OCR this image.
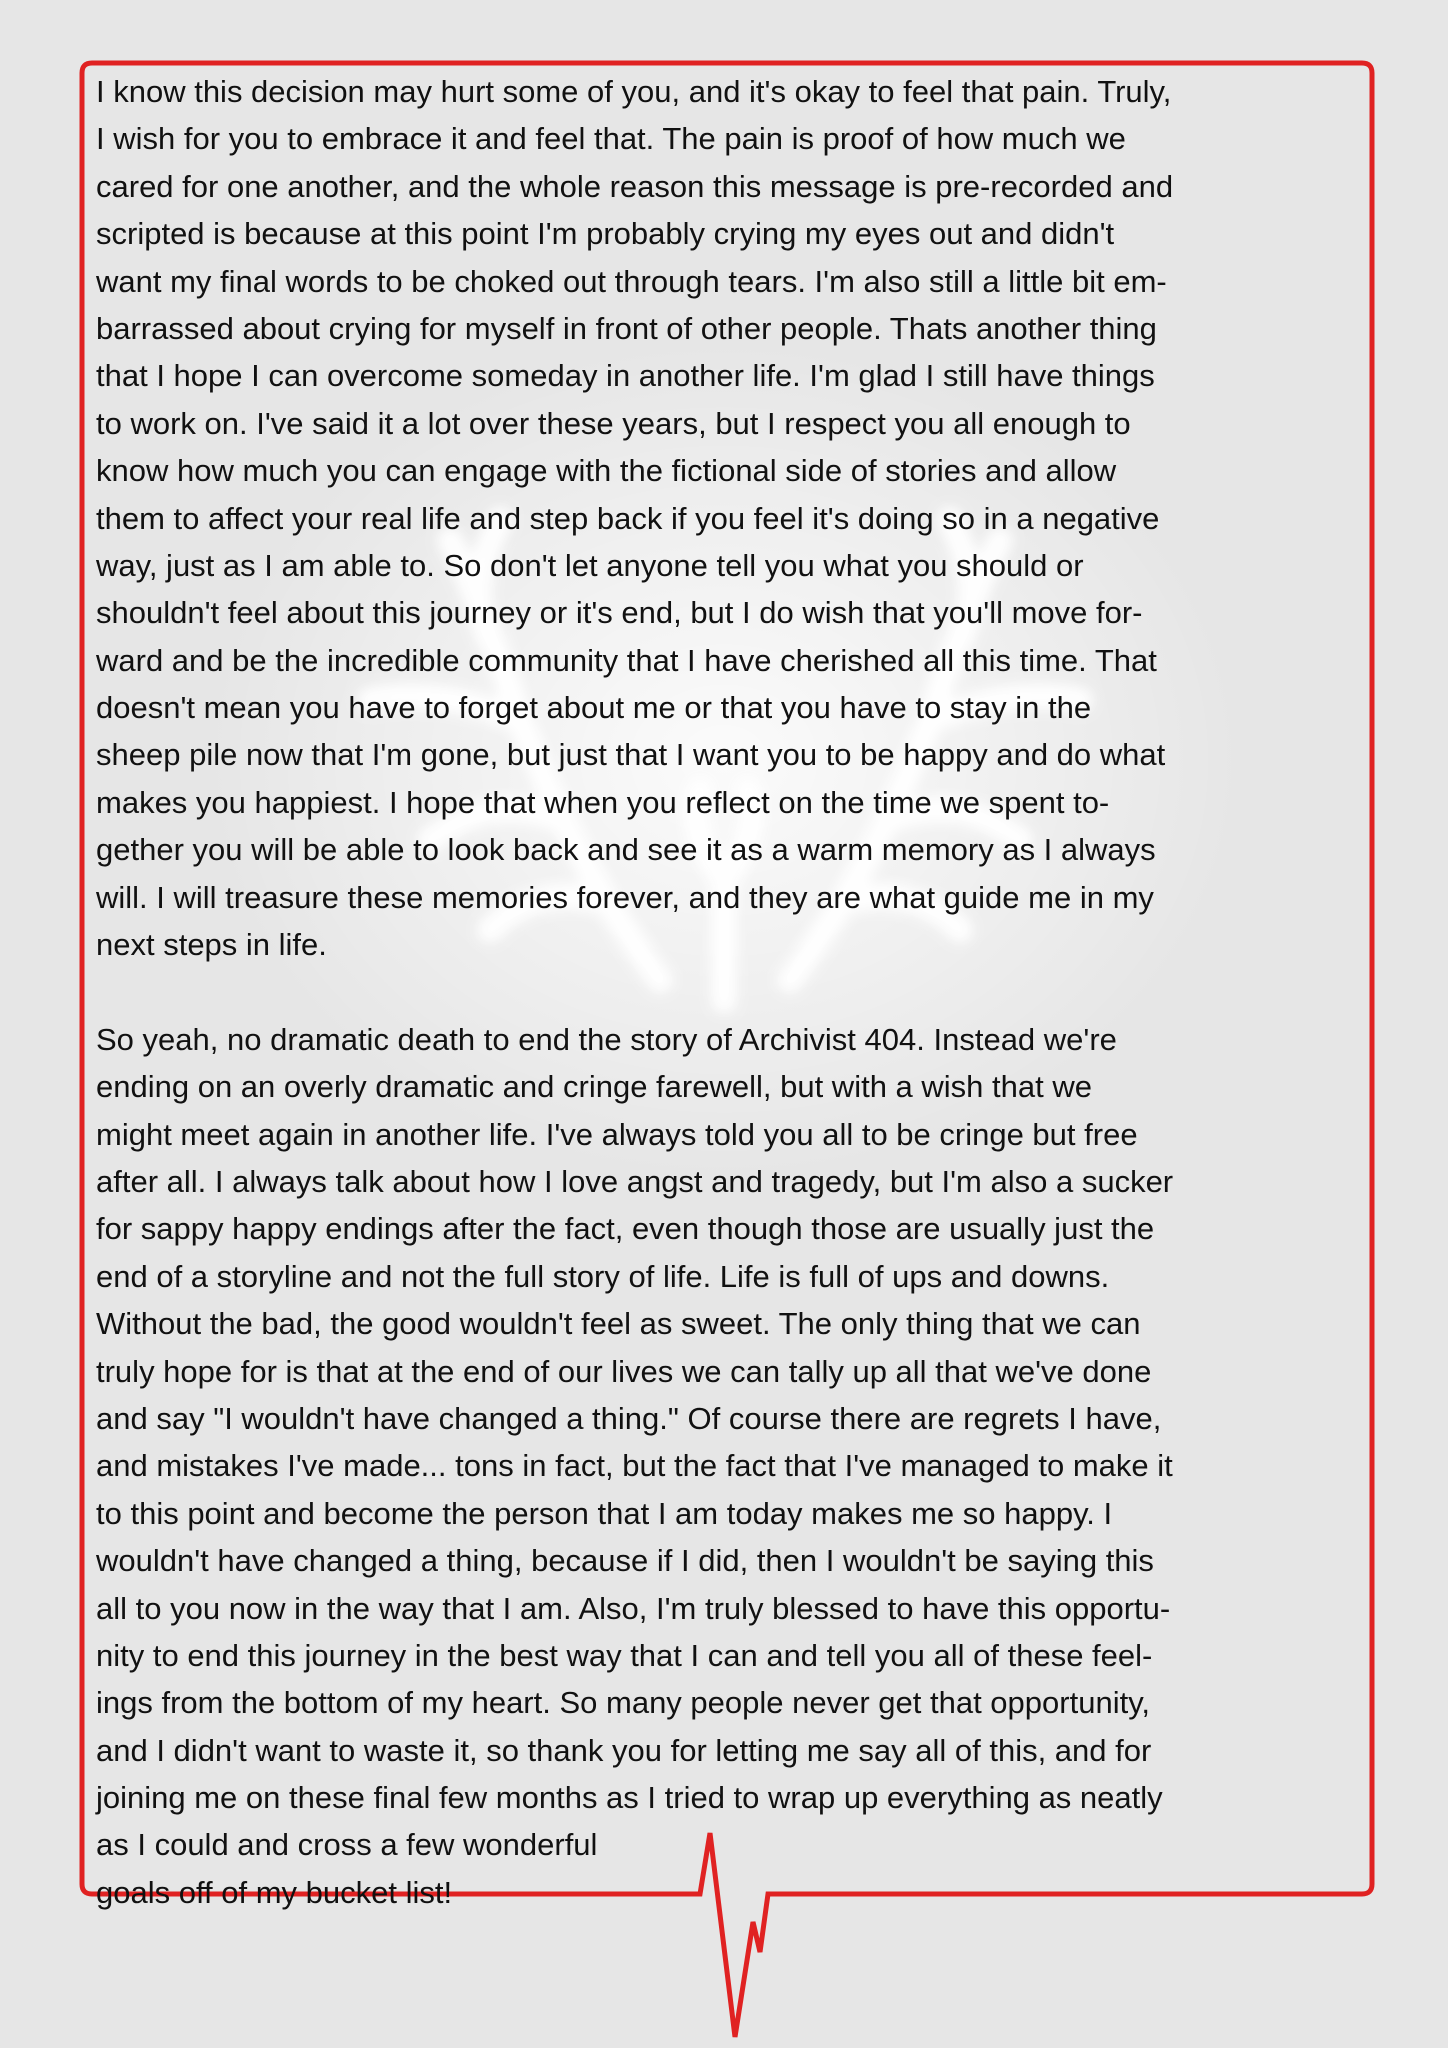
I know this decision may hurt some of you, and it's okay to feel that pain. Truly,
I wish for you to embrace it and feel that. The pain is proof of how much we
cared for one another, and the whole reason this message is pre-recorded and
scripted is because at this point I'm probably crying my eyes out and didn't
want my final words to be choked out through tears. I'm also still a little bit em-
barrassed about crying for myself in front of other people. Thats another thing
that I hope I can overcome someday in another life. I'm glad I still have things
to work on. I've said it a lot over these years, but I respect you all enough to
know how much you can engage with the fictional side of stories and allow
them to affect your real life and step back if you feel it's doing so in a negative
way, just as I am able to. So don't let anyone tell you what you should or
shouldn't feel about this journey or it's end, but I do wish that you'll move for-
ward and be the incredible community that I have cherished all this time. That
doesn't mean you have to forget about me or that you have to stay in the
sheep pile now that I'm gone, but just that I want you to be happy and do what
makes you happiest. I hope that when you reflect on the time we spent to-
gether you will be able to look back and see it as a warm memory as I always
will. I will treasure these memories forever, and they are what guide me in my
next steps in life.
So yeah, no dramatic death to end the story of Archivist 404. Instead we're
ending on an overly dramatic and cringe farewell, but with a wish that we
might meet again in another life. I've always told you all to be cringe but free
after all. I always talk about how I love angst and tragedy, but I'm also a sucker
for sappy happy endings after the fact, even though those are usually just the
end of a storyline and not the full story of life. Life is full of ups and downs.
Without the bad, the good wouldn't feel as sweet. The only thing that we can
truly hope for is that at the end of our lives we can tally up all that we've done
and say "I wouldn't have changed a thing." Of course there are regrets I have,
and mistakes I've made... tons in fact, but the fact that I've managed to make it
to this point and become the person that I am today makes me so happy. I
wouldn't have changed a thing, because if I did, then I wouldn't be saying this
all to you now in the way that I am. Also, I'm truly blessed to have this opportu-
nity to end this journey in the best way that I can and tell you all of these feel-
ings from the bottom of my heart. So many people never get that opportunity,
and I didn't want to waste it, so thank you for letting me say all of this, and for
joining me on these final few months as I tried to wrap up everything as neatly
as I could and cross a few wonderful
goals off of my bucket list!
